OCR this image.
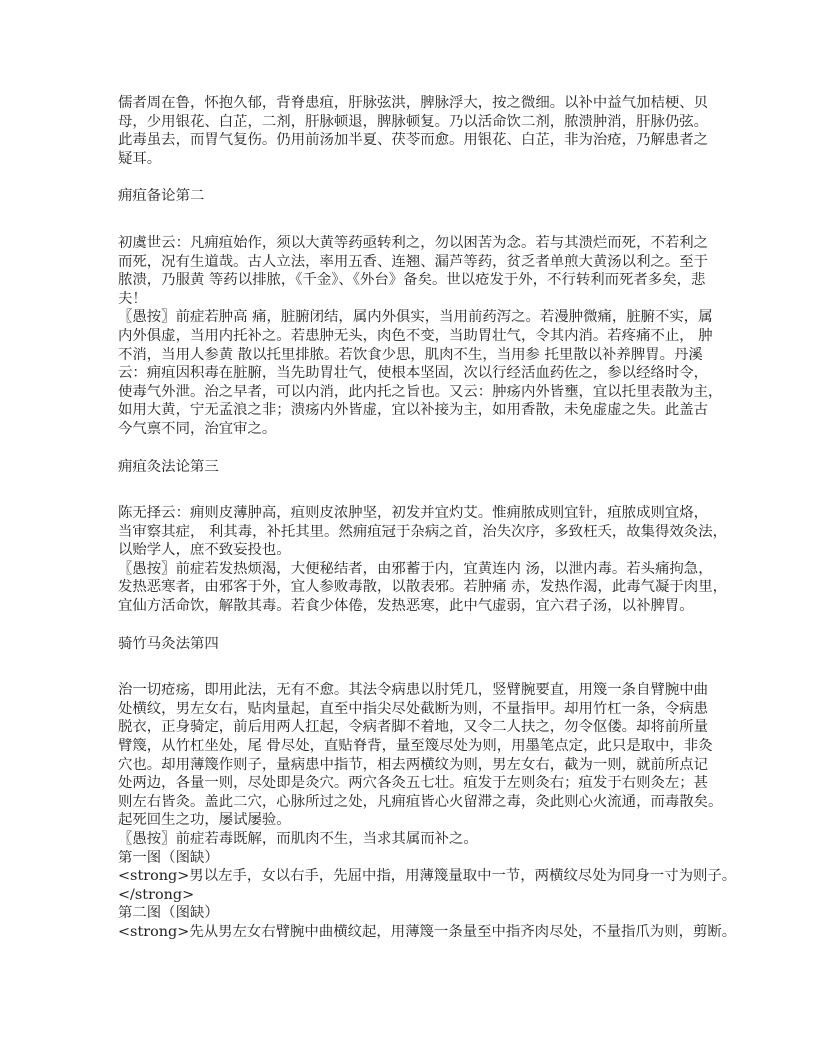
儒者周在鲁，怀抱久郁，背脊患疽，肝脉弦洪，脾脉浮大，按之微细。以补中益气加桔梗、贝
母，少用银花、白芷，二剂，肝脉顿退，脾脉顿复。乃以活命饮二剂，脓溃肿消，肝脉仍弦。
此毒虽去，而胃气复伤。仍用前汤加半夏、茯苓而愈。用银花、白芷，非为治疮，乃解患者之
疑耳。
痈疽备论第二
初虞世云：凡痈疽始作，须以大黄等药亟转利之，勿以困苦为念。若与其溃烂而死，不若利之
而死，况有生道哉。古人立法，率用五香、连翘、漏芦等药，贫乏者单煎大黄汤以利之。至于
脓溃，乃服黄 等药以排脓，《千金》、《外台》备矣。世以疮发于外，不行转利而死者多矣，悲
夫！
〖愚按〗前症若肿高 痛，脏腑闭结，属内外俱实，当用前药泻之。若漫肿微痛，脏腑不实，属
内外俱虚，当用内托补之。若患肿无头，肉色不变，当助胃壮气，令其内消。若疼痛不止， 肿
不消，当用人参黄 散以托里排脓。若饮食少思，肌肉不生，当用参 托里散以补养脾胃。丹溪
云：痈疽因积毒在脏腑，当先助胃壮气，使根本坚固，次以行经活血药佐之，参以经络时令，
使毒气外泄。治之早者，可以内消，此内托之旨也。又云：肿疡内外皆壅，宜以托里表散为主，
如用大黄，宁无孟浪之非；溃疡内外皆虚，宜以补接为主，如用香散，未免虚虚之失。此盖古
今气禀不同，治宜审之。
痈疽灸法论第三
陈无择云：痈则皮薄肿高，疽则皮浓肿坚，初发并宜灼艾。惟痈脓成则宜针，疽脓成则宜烙，
当审察其症， 利其毒，补托其里。然痈疽冠于杂病之首，治失次序，多致枉夭，故集得效灸法，
以贻学人，庶不致妄投也。
〖愚按〗前症若发热烦渴，大便秘结者，由邪蓄于内，宜黄连内 汤，以泄内毒。若头痛拘急，
发热恶寒者，由邪客于外，宜人参败毒散，以散表邪。若肿痛 赤，发热作渴，此毒气凝于肉里，
宜仙方活命饮，解散其毒。若食少体倦，发热恶寒，此中气虚弱，宜六君子汤，以补脾胃。
骑竹马灸法第四
治一切疮疡，即用此法，无有不愈。其法令病患以肘凭几，竖臂腕要直，用篾一条自臂腕中曲
处横纹，男左女右，贴肉量起，直至中指尖尽处截断为则，不量指甲。却用竹杠一条，令病患
脱衣，正身骑定，前后用两人扛起，令病者脚不着地，又令二人扶之，勿令伛偻。却将前所量
臂篾，从竹杠坐处，尾 骨尽处，直贴脊背，量至篾尽处为则，用墨笔点定，此只是取中，非灸
穴也。却用薄篾作则子，量病患中指节，相去两横纹为则，男左女右，截为一则，就前所点记
处两边，各量一则，尽处即是灸穴。两穴各灸五七壮。疽发于左则灸右；疽发于右则灸左；甚
则左右皆灸。盖此二穴，心脉所过之处，凡痈疽皆心火留滞之毒，灸此则心火流通，而毒散矣。
起死回生之功，屡试屡验。
〖愚按〗前症若毒既解，而肌肉不生，当求其属而补之。
第一图（图缺）
<strong>男以左手，女以右手，先屈中指，用薄篾量取中一节，两横纹尽处为同身一寸为则子。
</strong>
第二图（图缺）
<strong>先从男左女右臂腕中曲横纹起，用薄篾一条量至中指齐肉尽处，不量指爪为则，剪断。
